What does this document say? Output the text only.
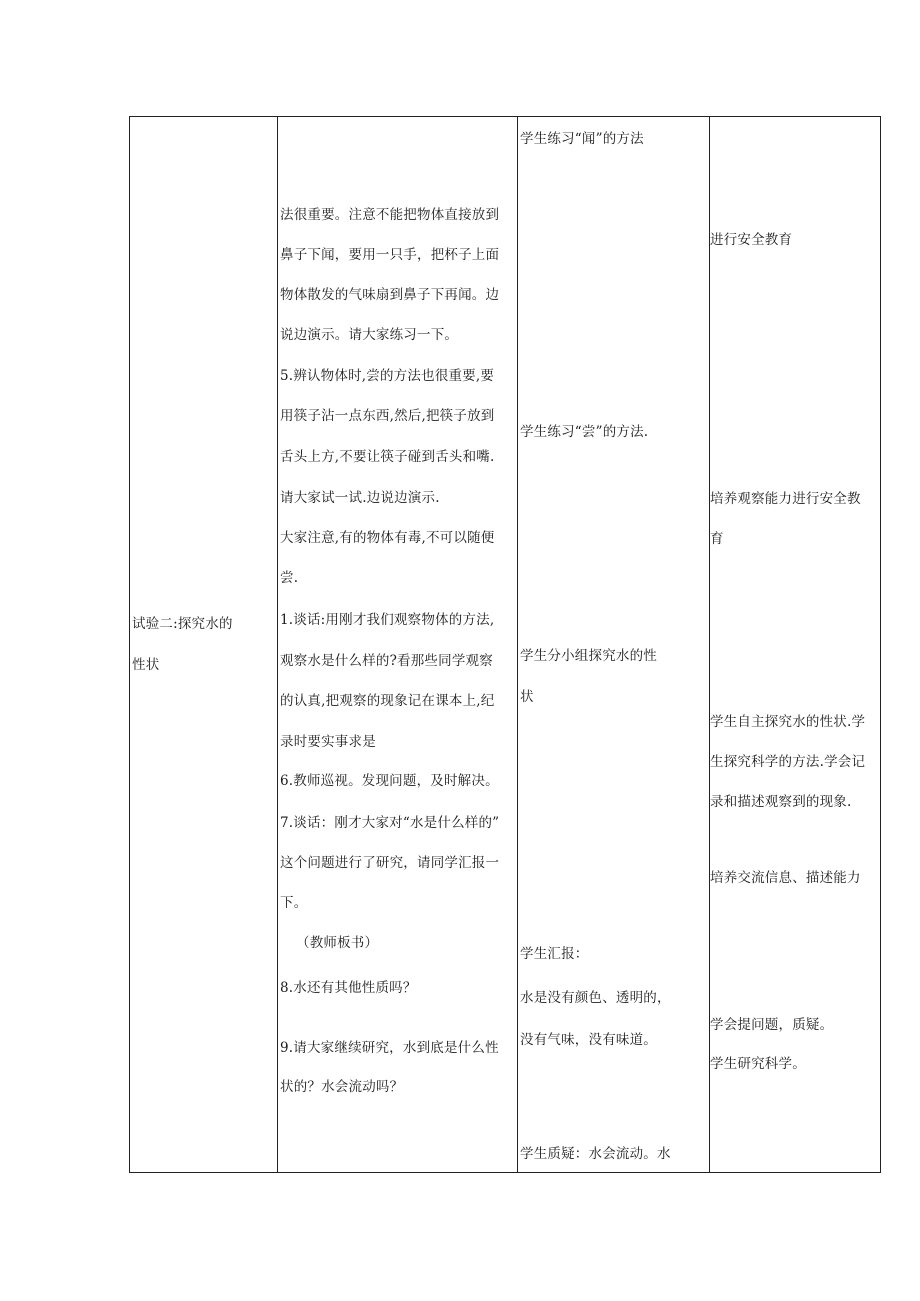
试验二:探究水的
性状
法很重要。注意不能把物体直接放到
鼻子下闻，要用一只手，把杯子上面
物体散发的气味扇到鼻子下再闻。边
说边演示。请大家练习一下。
5.辨认物体时,尝的方法也很重要,要
用筷子沾一点东西,然后,把筷子放到
舌头上方,不要让筷子碰到舌头和嘴.
请大家试一试.边说边演示.
大家注意,有的物体有毒,不可以随便
尝.
1.谈话:用刚才我们观察物体的方法,
观察水是什么样的?看那些同学观察
的认真,把观察的现象记在课本上,纪
录时要实事求是
6.教师巡视。发现问题，及时解决。
7.谈话：刚才大家对“水是什么样的”
这个问题进行了研究，请同学汇报一
下。
（教师板书）
8.水还有其他性质吗？
9.请大家继续研究，水到底是什么性
状的？水会流动吗？
学生练习“闻”的方法
学生练习“尝”的方法.
学生分小组探究水的性
状
学生汇报：
水是没有颜色、透明的，
没有气味，没有味道。
学生质疑：水会流动。水
进行安全教育
培养观察能力进行安全教
育
学生自主探究水的性状.学
生探究科学的方法.学会记
录和描述观察到的现象.
培养交流信息、描述能力
学会提问题，质疑。
学生研究科学。
